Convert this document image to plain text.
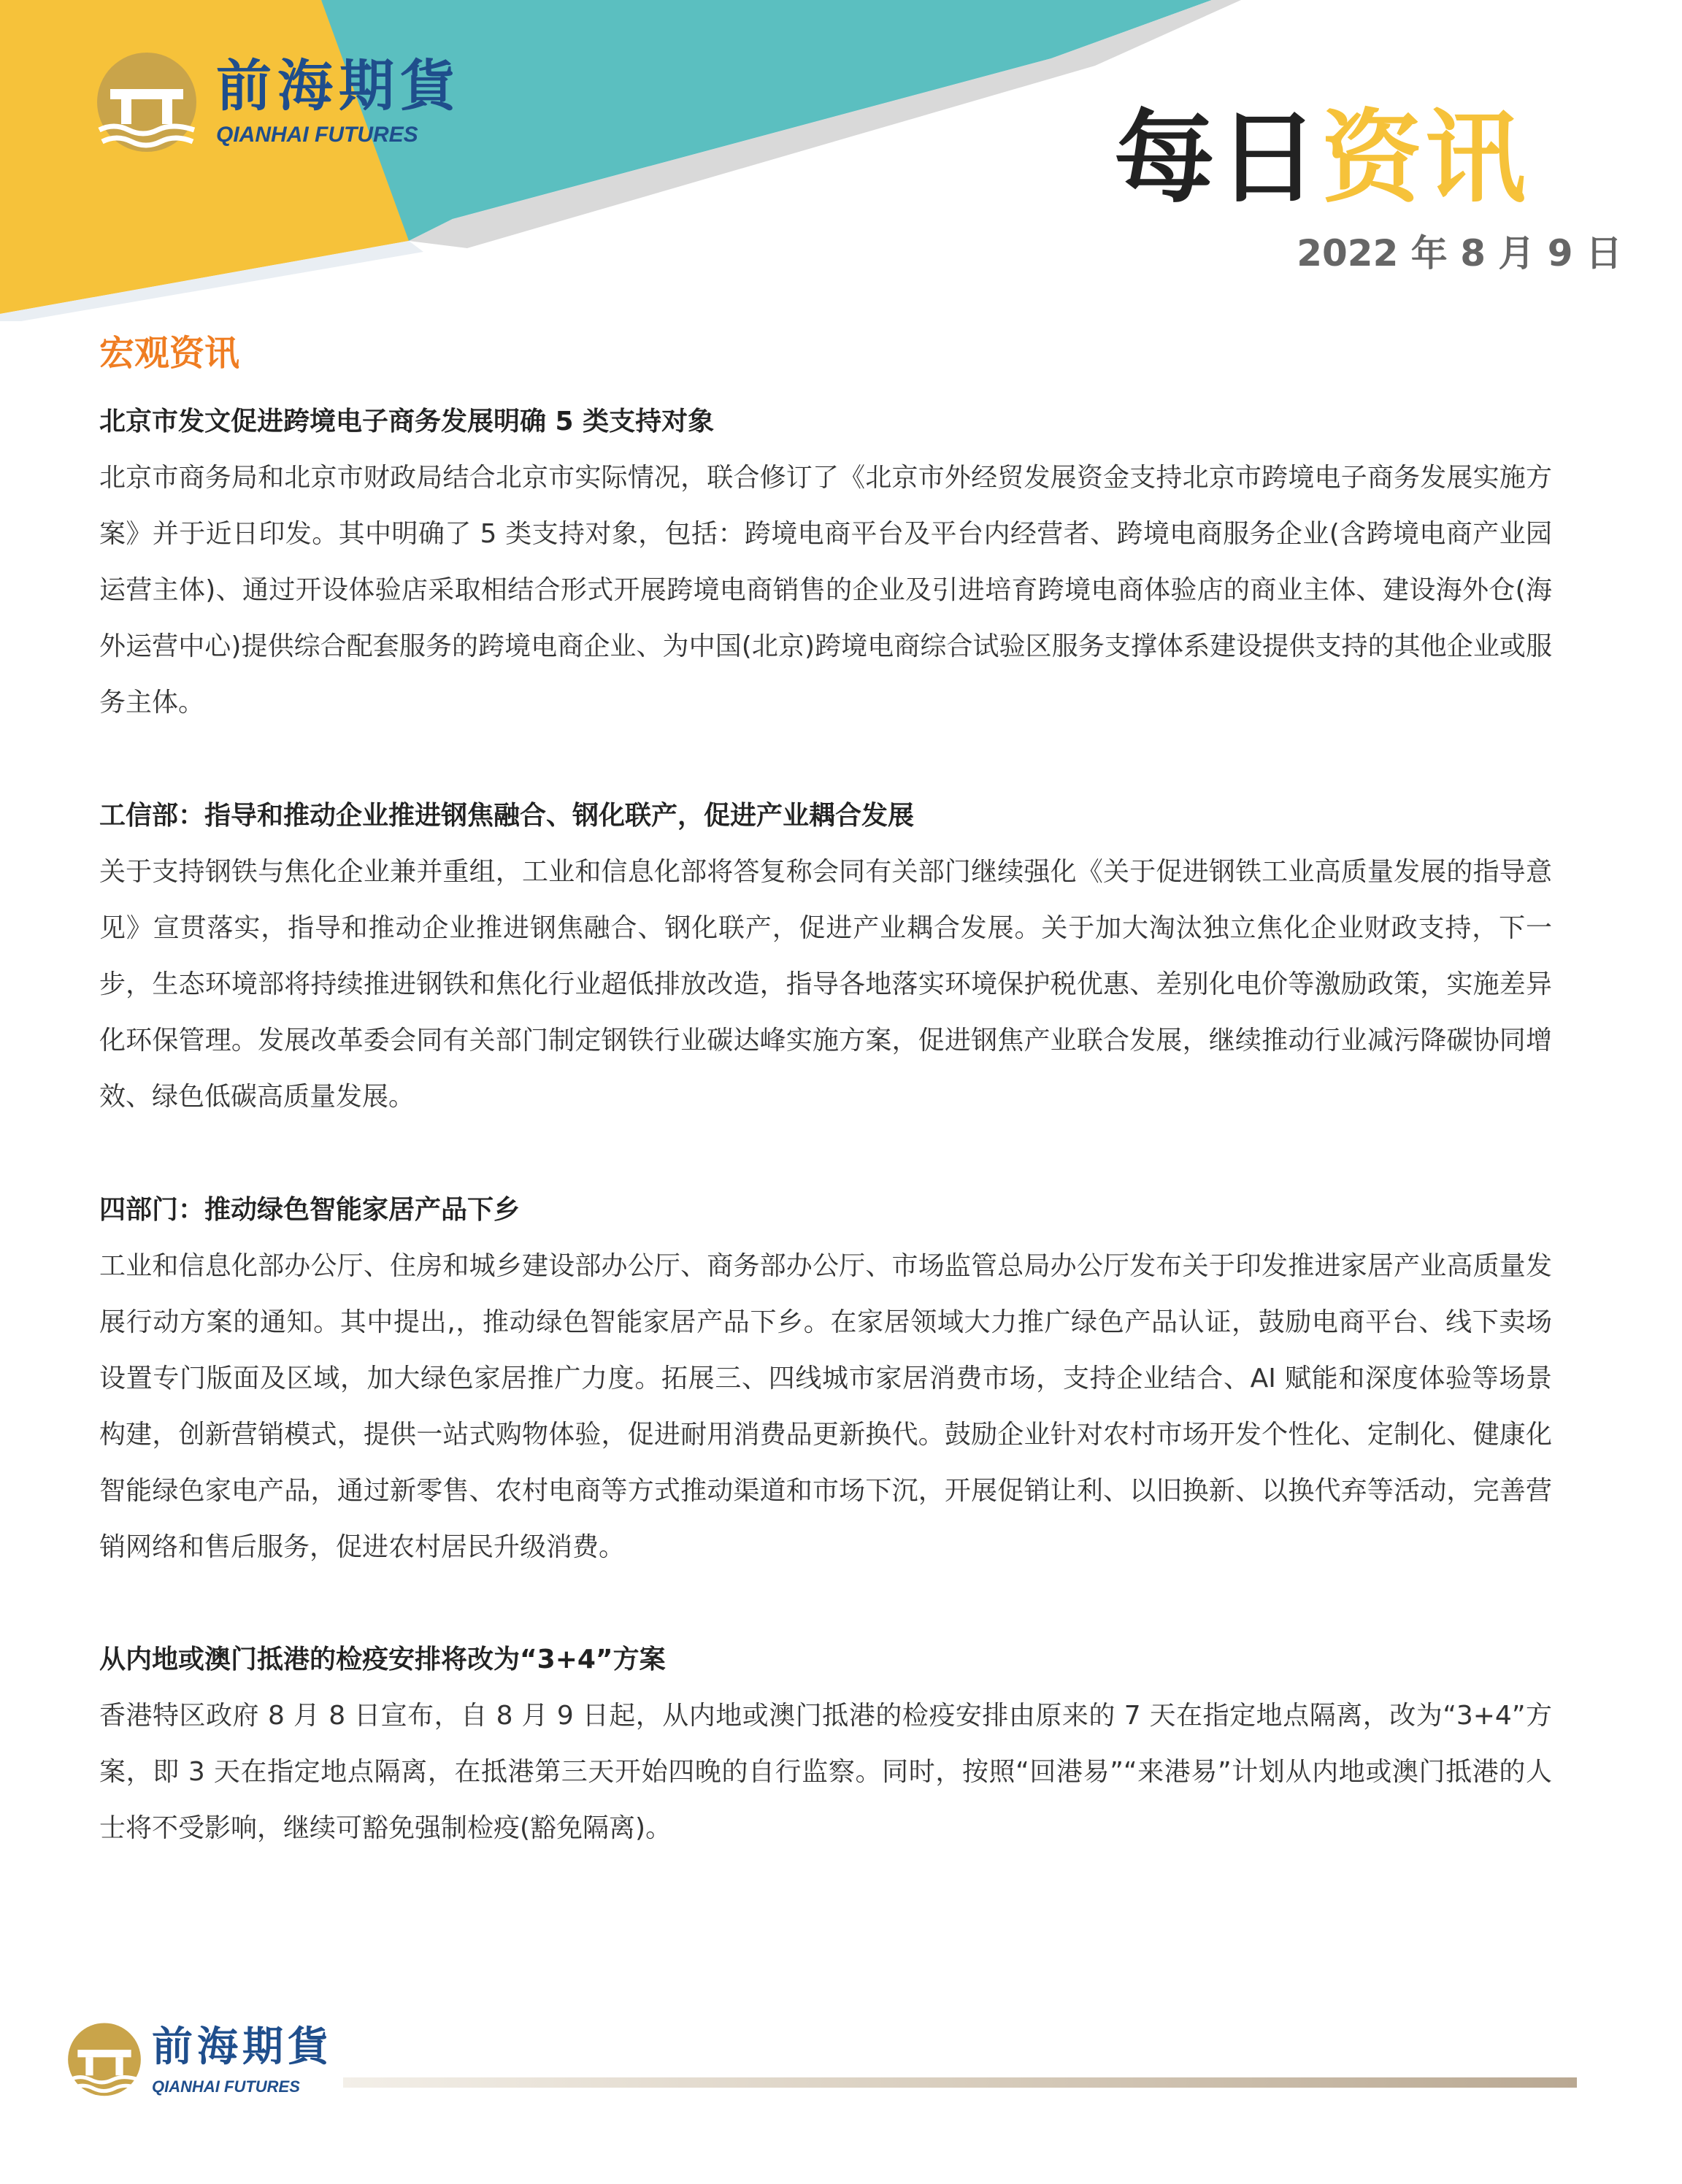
前海期貨
QIANHAI FUTURES	每日资讯
2022 年 8 月 9 日
宏观资讯
北京市发文促进跨境电子商务发展明确 5 类支持对象

北京市商务局和北京市财政局结合北京市实际情况，联合修订了《北京市外经贸发展资金支持北京市跨境电子商务发展实施方案》并于近日印发。其中明确了 5 类支持对象，包括：跨境电商平台及平台内经营者、跨境电商服务企业(含跨境电商产业园运营主体)、通过开设体验店采取相结合形式开展跨境电商销售的企业及引进培育跨境电商体验店的商业主体、建设海外仓(海外运营中心)提供综合配套服务的跨境电商企业、为中国(北京)跨境电商综合试验区服务支撑体系建设提供支持的其他企业或服务主体。

工信部：指导和推动企业推进钢焦融合、钢化联产，促进产业耦合发展

关于支持钢铁与焦化企业兼并重组，工业和信息化部将答复称会同有关部门继续强化《关于促进钢铁工业高质量发展的指导意见》宣贯落实，指导和推动企业推进钢焦融合、钢化联产，促进产业耦合发展。关于加大淘汰独立焦化企业财政支持，下一步，生态环境部将持续推进钢铁和焦化行业超低排放改造，指导各地落实环境保护税优惠、差别化电价等激励政策，实施差异化环保管理。发展改革委会同有关部门制定钢铁行业碳达峰实施方案，促进钢焦产业联合发展，继续推动行业减污降碳协同增效、绿色低碳高质量发展。

四部门：推动绿色智能家居产品下乡

工业和信息化部办公厅、住房和城乡建设部办公厅、商务部办公厅、市场监管总局办公厅发布关于印发推进家居产业高质量发展行动方案的通知。其中提出,，推动绿色智能家居产品下乡。在家居领域大力推广绿色产品认证，鼓励电商平台、线下卖场设置专门版面及区域，加大绿色家居推广力度。拓展三、四线城市家居消费市场，支持企业结合、AI 赋能和深度体验等场景构建，创新营销模式，提供一站式购物体验，促进耐用消费品更新换代。鼓励企业针对农村市场开发个性化、定制化、健康化智能绿色家电产品，通过新零售、农村电商等方式推动渠道和市场下沉，开展促销让利、以旧换新、以换代弃等活动，完善营销网络和售后服务，促进农村居民升级消费。

从内地或澳门抵港的检疫安排将改为“3+4”方案

香港特区政府 8 月 8 日宣布，自 8 月 9 日起，从内地或澳门抵港的检疫安排由原来的 7 天在指定地点隔离，改为“3+4”方案，即 3 天在指定地点隔离，在抵港第三天开始四晚的自行监察。同时，按照“回港易”“来港易”计划从内地或澳门抵港的人士将不受影响，继续可豁免强制检疫(豁免隔离)。

前海期貨
QIANHAI FUTURES
